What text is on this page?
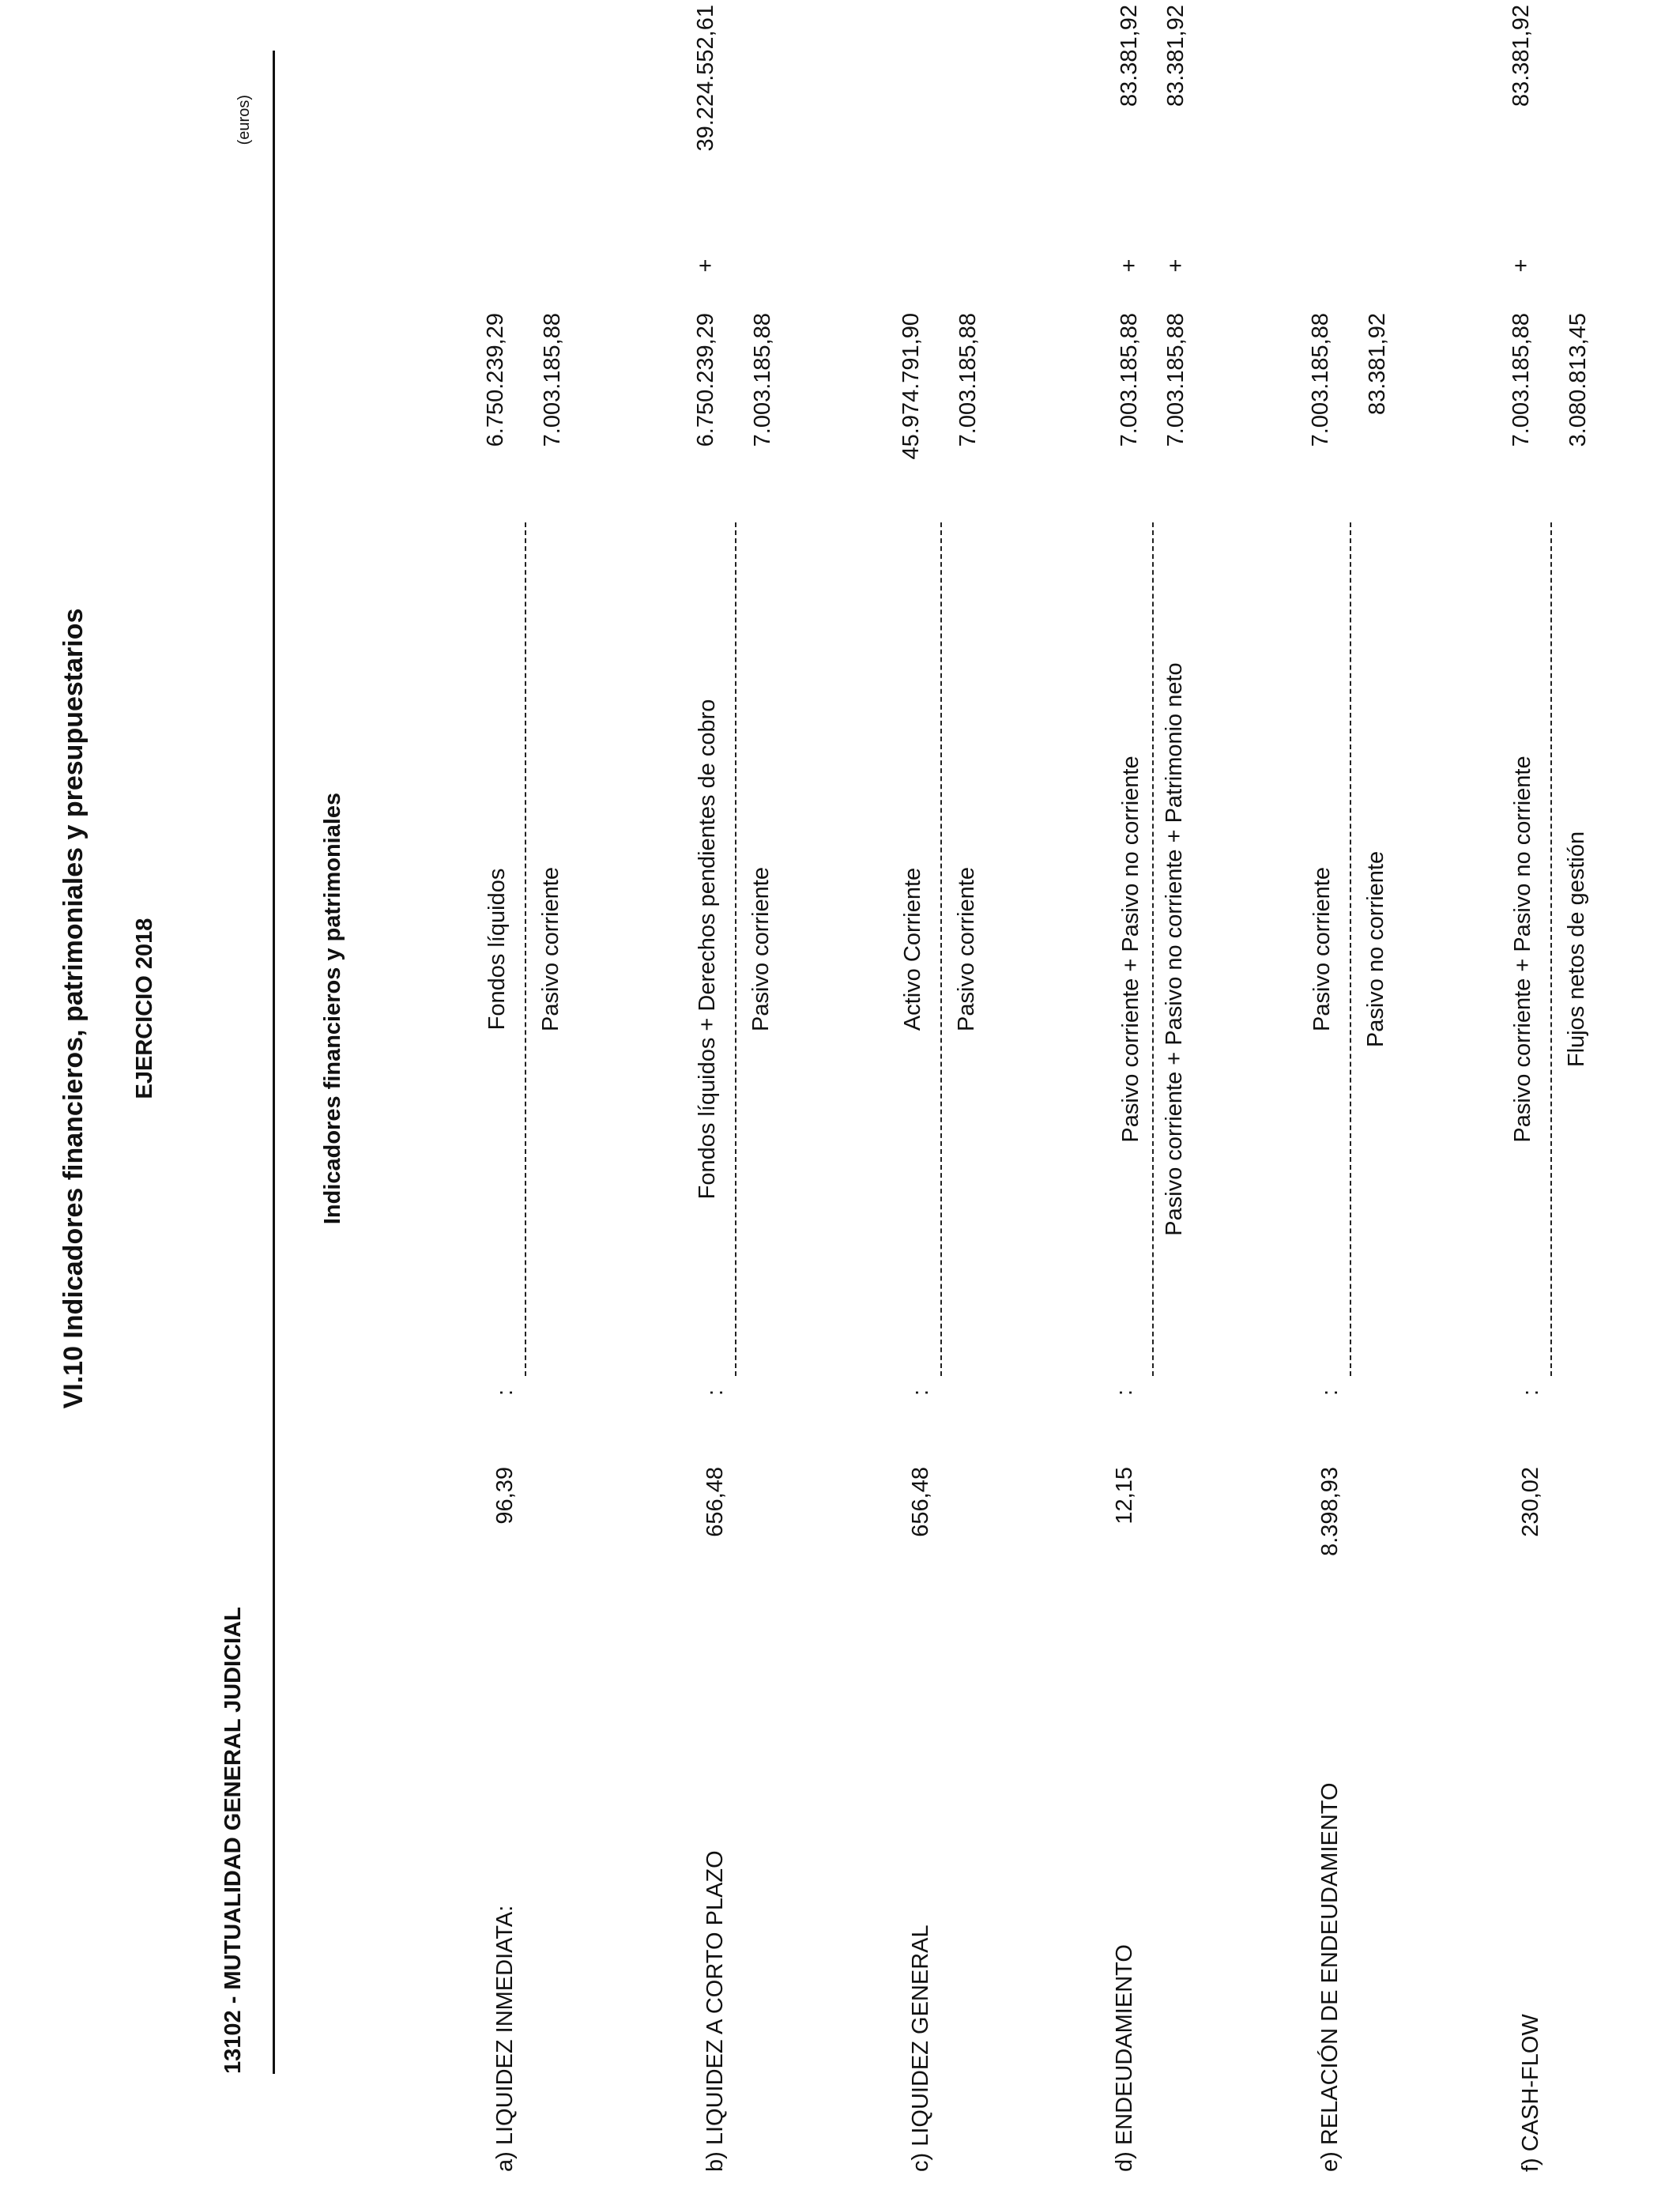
VI.10 Indicadores financieros, patrimoniales y presupuestarios EJERCICIO 2018
13102 - MUTUALIDAD GENERAL JUDICIAL
(euros)
Indicadores financieros y patrimoniales
a) LIQUIDEZ INMEDIATA:
96,39
:
Fondos líquidos Pasivo corriente
6.750.239,29 7.003.185,88
b) LIQUIDEZ A CORTO PLAZO
656,48
:
Fondos líquidos + Derechos pendientes de cobro Pasivo corriente
6.750.239,29
+
39.224.552,61
7.003.185,88
c) LIQUIDEZ GENERAL
656,48
:
Activo Corriente Pasivo corriente
45.974.791,90 7.003.185,88
d) ENDEUDAMIENTO
12,15
:
Pasivo corriente + Pasivo no corriente Pasivo corriente + Pasivo no corriente + Patrimonio neto
7.003.185,88
+
83.381,92
7.003.185,88
+
83.381,92
e) RELACIÓN DE ENDEUDAMIENTO
8.398,93
:
Pasivo corriente Pasivo no corriente
7.003.185,88 83.381,92
f) CASH-FLOW
230,02
:
Pasivo corriente + Pasivo no corriente Flujos netos de gestión
7.003.185,88
+
83.381,92
3.080.813,45
